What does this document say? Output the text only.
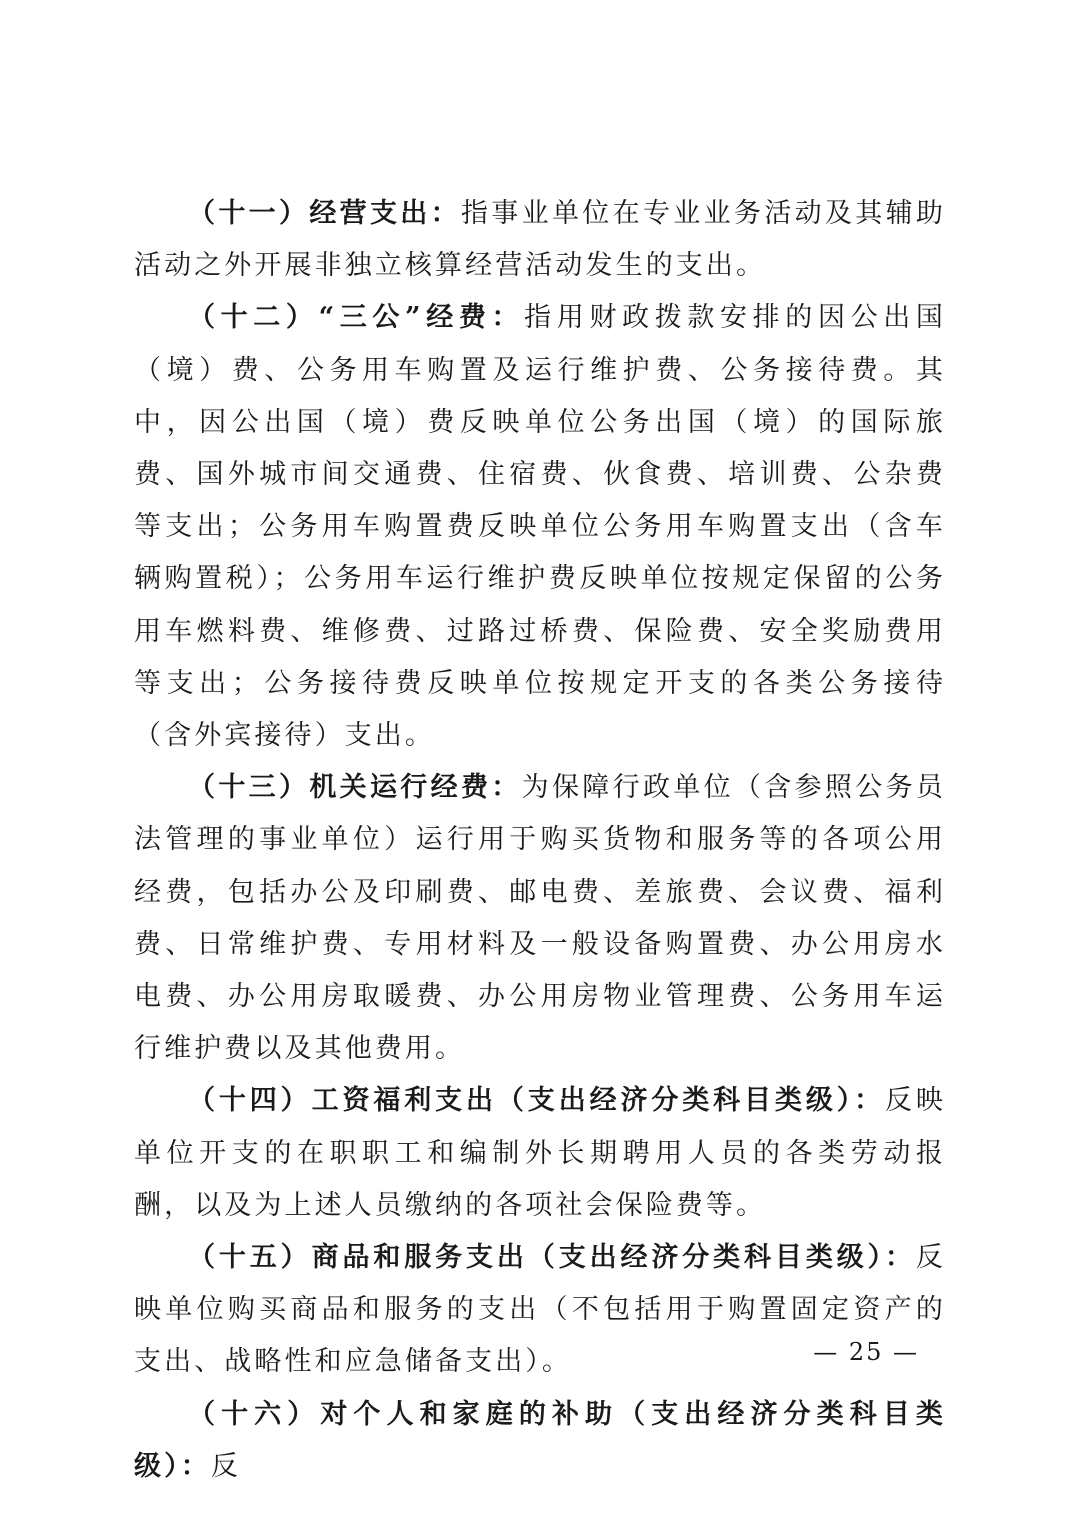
（十一）经营支出：指事业单位在专业业务活动及其辅助活动之外开展非独立核算经营活动发生的支出。

（十二）“三公”经费：指用财政拨款安排的因公出国（境）费、公务用车购置及运行维护费、公务接待费。其中，因公出国（境）费反映单位公务出国（境）的国际旅费、国外城市间交通费、住宿费、伙食费、培训费、公杂费等支出；公务用车购置费反映单位公务用车购置支出（含车辆购置税）；公务用车运行维护费反映单位按规定保留的公务用车燃料费、维修费、过路过桥费、保险费、安全奖励费用等支出；公务接待费反映单位按规定开支的各类公务接待（含外宾接待）支出。

（十三）机关运行经费：为保障行政单位（含参照公务员法管理的事业单位）运行用于购买货物和服务等的各项公用经费，包括办公及印刷费、邮电费、差旅费、会议费、福利费、日常维护费、专用材料及一般设备购置费、办公用房水电费、办公用房取暖费、办公用房物业管理费、公务用车运行维护费以及其他费用。

（十四）工资福利支出（支出经济分类科目类级）：反映单位开支的在职职工和编制外长期聘用人员的各类劳动报酬，以及为上述人员缴纳的各项社会保险费等。

（十五）商品和服务支出（支出经济分类科目类级）：反映单位购买商品和服务的支出（不包括用于购置固定资产的支出、战略性和应急储备支出）。

（十六）对个人和家庭的补助（支出经济分类科目类级）：反

— 25 —
